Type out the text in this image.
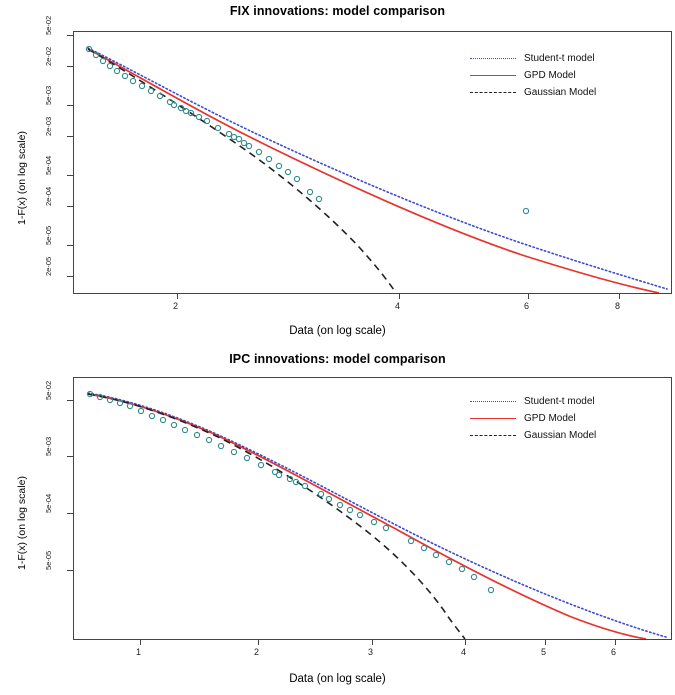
FIX innovations: model comparison
1-F(x) (on log scale)
2e-05
5e-05
2e-04
5e-04
2e-03
5e-03
2e-02
5e-02
2	4	6	8
Data (on log scale)
Student-t model
GPD Model
Gaussian Model
IPC innovations: model comparison
1-F(x) (on log scale) 5e-05
5e-04
5e-03
5e-02
1	2	3	4	5	6
Data (on log scale)
Student-t model
GPD Model
Gaussian Model
